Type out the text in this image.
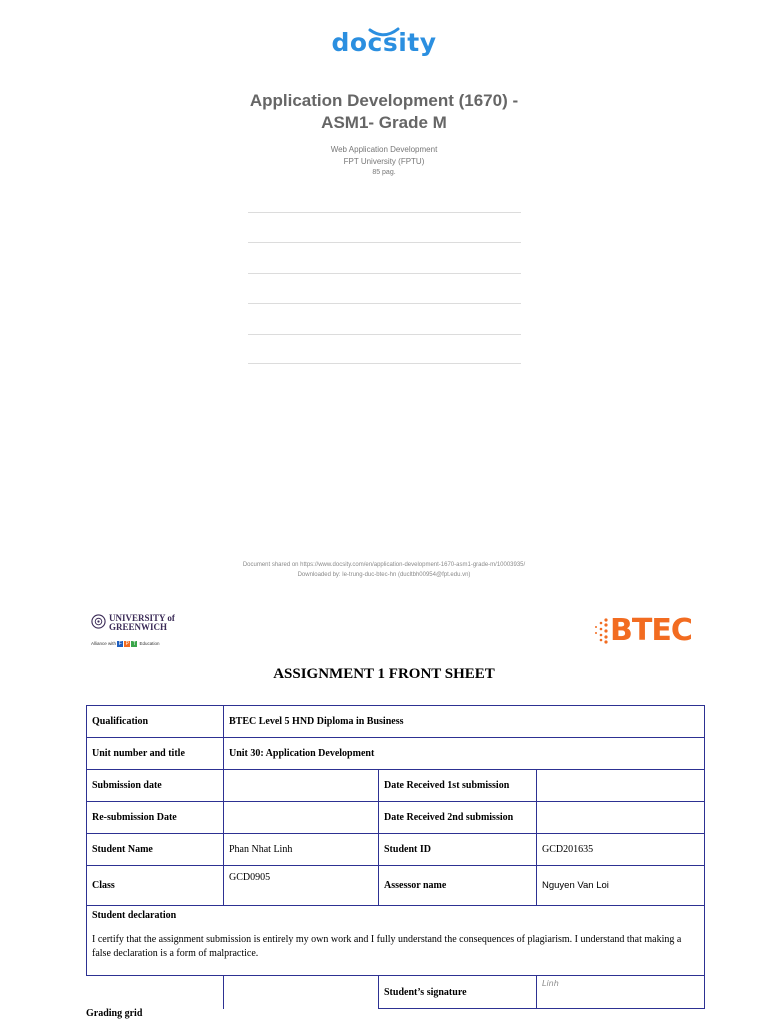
docsity
Application Development (1670) -
ASM1- Grade M
Web Application Development
FPT University (FPTU)
85 pag.
Document shared on https://www.docsity.com/en/application-development-1670-asm1-grade-m/10003935/
Downloaded by: le-trung-duc-btec-hn (ducltbh00954@fpt.edu.vn)
UNIVERSITY of
GREENWICH
Alliance with F P T Education	BTEC
ASSIGNMENT 1 FRONT SHEET
Qualification	BTEC Level 5 HND Diploma in Business		
Unit number and title	Unit 30: Application Development		
Submission date		Date Received 1st submission	
Re-submission Date		Date Received 2nd submission	
Student Name	Phan Nhat Linh	Student ID	GCD201635
Class	GCD0905	Assessor name	Nguyen Van Loi

Student declaration
I certify that the assignment submission is entirely my own work and I fully understand the consequences of plagiarism. I understand that making a false declaration is a form of malpractice.			

		Student’s signature	Linh
Grading grid
